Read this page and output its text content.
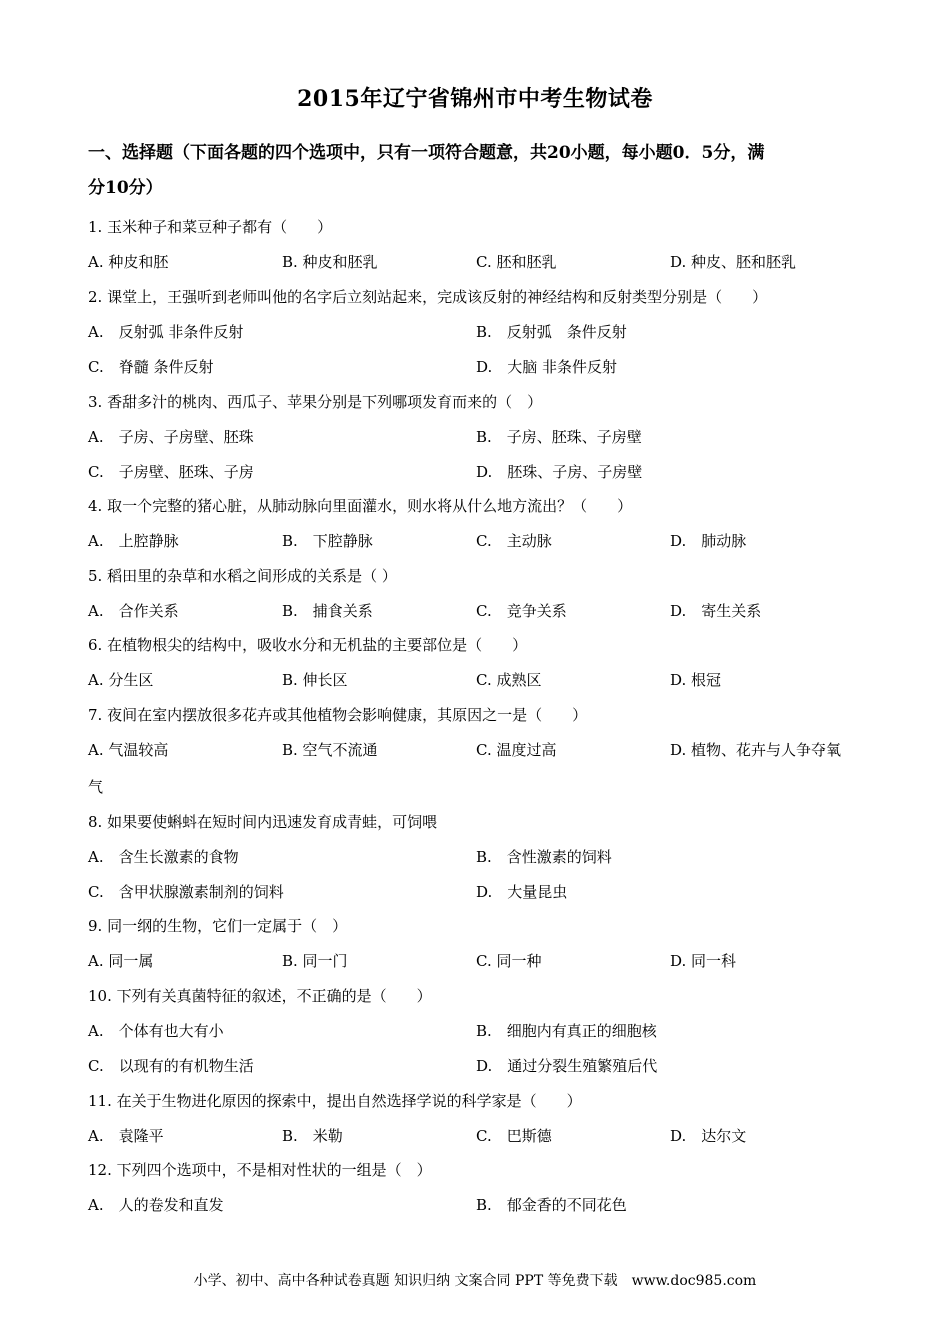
2015年辽宁省锦州市中考生物试卷
一、选择题（下面各题的四个选项中，只有一项符合题意，共20小题，每小题0．5分，满
分10分）
1. 玉米种子和菜豆种子都有（　　）
A. 种皮和胚	B. 种皮和胚乳	C. 胚和胚乳	D. 种皮、胚和胚乳
2. 课堂上，王强听到老师叫他的名字后立刻站起来，完成该反射的神经结构和反射类型分别是（　　）
A.　反射弧 非条件反射	B.　反射弧　条件反射
C.　脊髓 条件反射	D.　大脑 非条件反射
3. 香甜多汁的桃肉、西瓜子、苹果分别是下列哪项发育而来的（　）
A.　子房、子房壁、胚珠	B.　子房、胚珠、子房壁
C.　子房壁、胚珠、子房	D.　胚珠、子房、子房壁
4. 取一个完整的猪心脏，从肺动脉向里面灌水，则水将从什么地方流出？（　　）
A.　上腔静脉	B.　下腔静脉	C.　主动脉	D.　肺动脉
5. 稻田里的杂草和水稻之间形成的关系是（ ）
A.　合作关系	B.　捕食关系	C.　竞争关系	D.　寄生关系
6. 在植物根尖的结构中，吸收水分和无机盐的主要部位是（　　）
A. 分生区	B. 伸长区	C. 成熟区	D. 根冠
7. 夜间在室内摆放很多花卉或其他植物会影响健康，其原因之一是（　　）
A. 气温较高	B. 空气不流通	C. 温度过高	D. 植物、花卉与人争夺氧
气
8. 如果要使蝌蚪在短时间内迅速发育成青蛙，可饲喂
A.　含生长激素的食物	B.　含性激素的饲料
C.　含甲状腺激素制剂的饲料	D.　大量昆虫
9. 同一纲的生物，它们一定属于（　）
A. 同一属	B. 同一门	C. 同一种	D. 同一科
10. 下列有关真菌特征的叙述，不正确的是（　　）
A.　个体有也大有小	B.　细胞内有真正的细胞核
C.　以现有的有机物生活	D.　通过分裂生殖繁殖后代
11. 在关于生物进化原因的探索中，提出自然选择学说的科学家是（　　）
A.　袁隆平	B.　米勒	C.　巴斯德	D.　达尔文
12. 下列四个选项中，不是相对性状的一组是（　）
A.　人的卷发和直发	B.　郁金香的不同花色
小学、初中、高中各种试卷真题 知识归纳 文案合同 PPT 等免费下载　www.doc985.com
